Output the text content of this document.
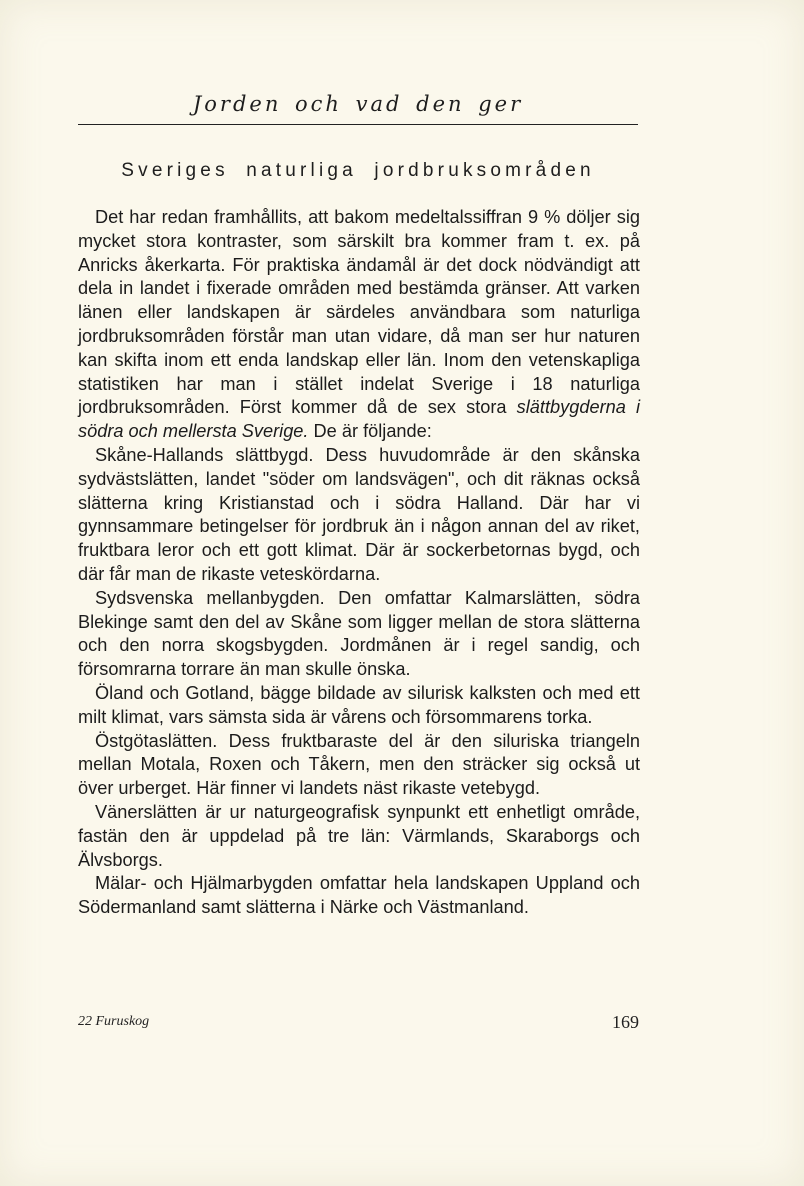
Jorden och vad den ger
Sveriges naturliga jordbruksområden

Det har redan framhållits, att bakom medeltalssiffran 9 % döljer sig mycket stora kontraster, som särskilt bra kommer fram t. ex. på Anricks åkerkarta. För praktiska ändamål är det dock nödvändigt att dela in landet i fixerade områden med bestämda gränser. Att varken länen eller landskapen är särdeles användbara som naturliga jordbruksområden förstår man utan vidare, då man ser hur naturen kan skifta inom ett enda landskap eller län. Inom den vetenskapliga statistiken har man i stället indelat Sverige i 18 naturliga jordbruksområden. Först kommer då de sex stora slättbygderna i södra och mellersta Sverige. De är följande:

Skåne-Hallands slättbygd. Dess huvudområde är den skånska sydvästslätten, landet "söder om landsvägen", och dit räknas också slätterna kring Kristianstad och i södra Halland. Där har vi gynnsammare betingelser för jordbruk än i någon annan del av riket, fruktbara leror och ett gott klimat. Där är sockerbetornas bygd, och där får man de rikaste veteskördarna.

Sydsvenska mellanbygden. Den omfattar Kalmarslätten, södra Blekinge samt den del av Skåne som ligger mellan de stora slätterna och den norra skogsbygden. Jordmånen är i regel sandig, och försomrarna torrare än man skulle önska.

Öland och Gotland, bägge bildade av silurisk kalksten och med ett milt klimat, vars sämsta sida är vårens och försommarens torka.

Östgötaslätten. Dess fruktbaraste del är den siluriska triangeln mellan Motala, Roxen och Tåkern, men den sträcker sig också ut över urberget. Här finner vi landets näst rikaste vetebygd.

Vänerslätten är ur naturgeografisk synpunkt ett enhetligt område, fastän den är uppdelad på tre län: Värmlands, Skaraborgs och Älvsborgs.

Mälar- och Hjälmarbygden omfattar hela landskapen Uppland och Södermanland samt slätterna i Närke och Västmanland.

22 Furuskog	169
